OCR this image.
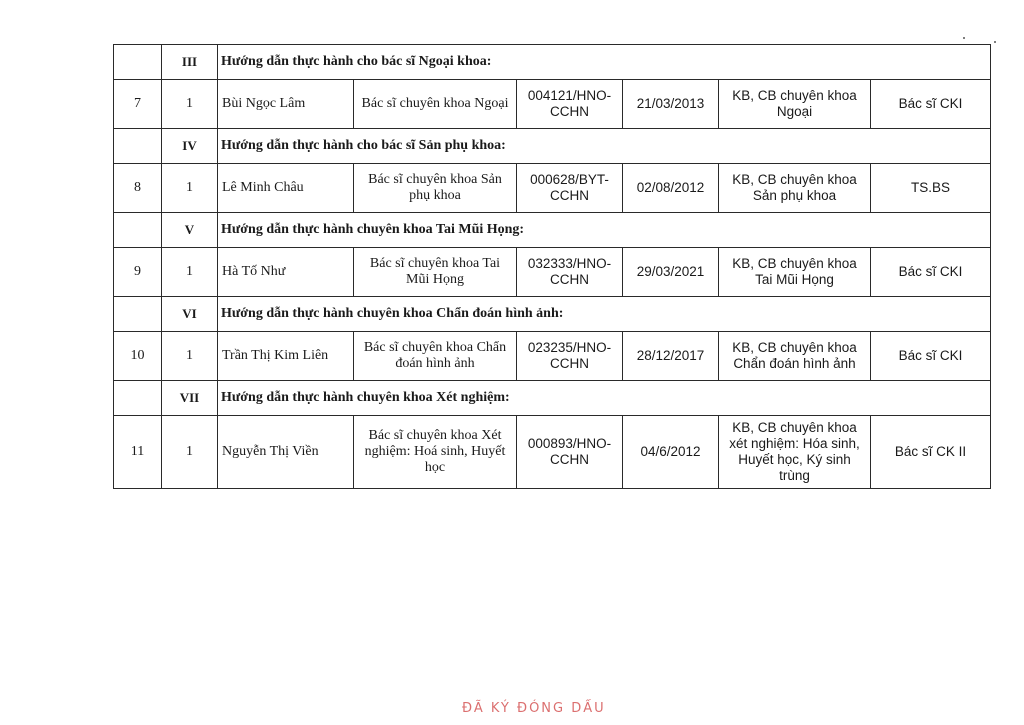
	III	Hướng dẫn thực hành cho bác sĩ Ngoại khoa:					
7	1	Bùi Ngọc Lâm	Bác sĩ chuyên khoa Ngoại	004121/HNO-CCHN	21/03/2013	KB, CB chuyên khoa Ngoại	Bác sĩ CKI
	IV	Hướng dẫn thực hành cho bác sĩ Sản phụ khoa:					
8	1	Lê Minh Châu	Bác sĩ chuyên khoa Sản phụ khoa	000628/BYT-CCHN	02/08/2012	KB, CB chuyên khoa Sản phụ khoa	TS.BS
	V	Hướng dẫn thực hành chuyên khoa Tai Mũi Họng:					
9	1	Hà Tố Như	Bác sĩ chuyên khoa Tai Mũi Họng	032333/HNO-CCHN	29/03/2021	KB, CB chuyên khoa Tai Mũi Họng	Bác sĩ CKI
	VI	Hướng dẫn thực hành chuyên khoa Chẩn đoán hình ảnh:					
10	1	Trần Thị Kim Liên	Bác sĩ chuyên khoa Chẩn đoán hình ảnh	023235/HNO-CCHN	28/12/2017	KB, CB chuyên khoa Chẩn đoán hình ảnh	Bác sĩ CKI
	VII	Hướng dẫn thực hành chuyên khoa Xét nghiệm:					
11	1	Nguyễn Thị Viền	Bác sĩ chuyên khoa Xét nghiệm: Hoá sinh, Huyết học	000893/HNO-CCHN	04/6/2012	KB, CB chuyên khoa xét nghiệm: Hóa sinh, Huyết học, Ký sinh trùng	Bác sĩ CK II
ĐÃ KÝ ĐÓNG DẤU
